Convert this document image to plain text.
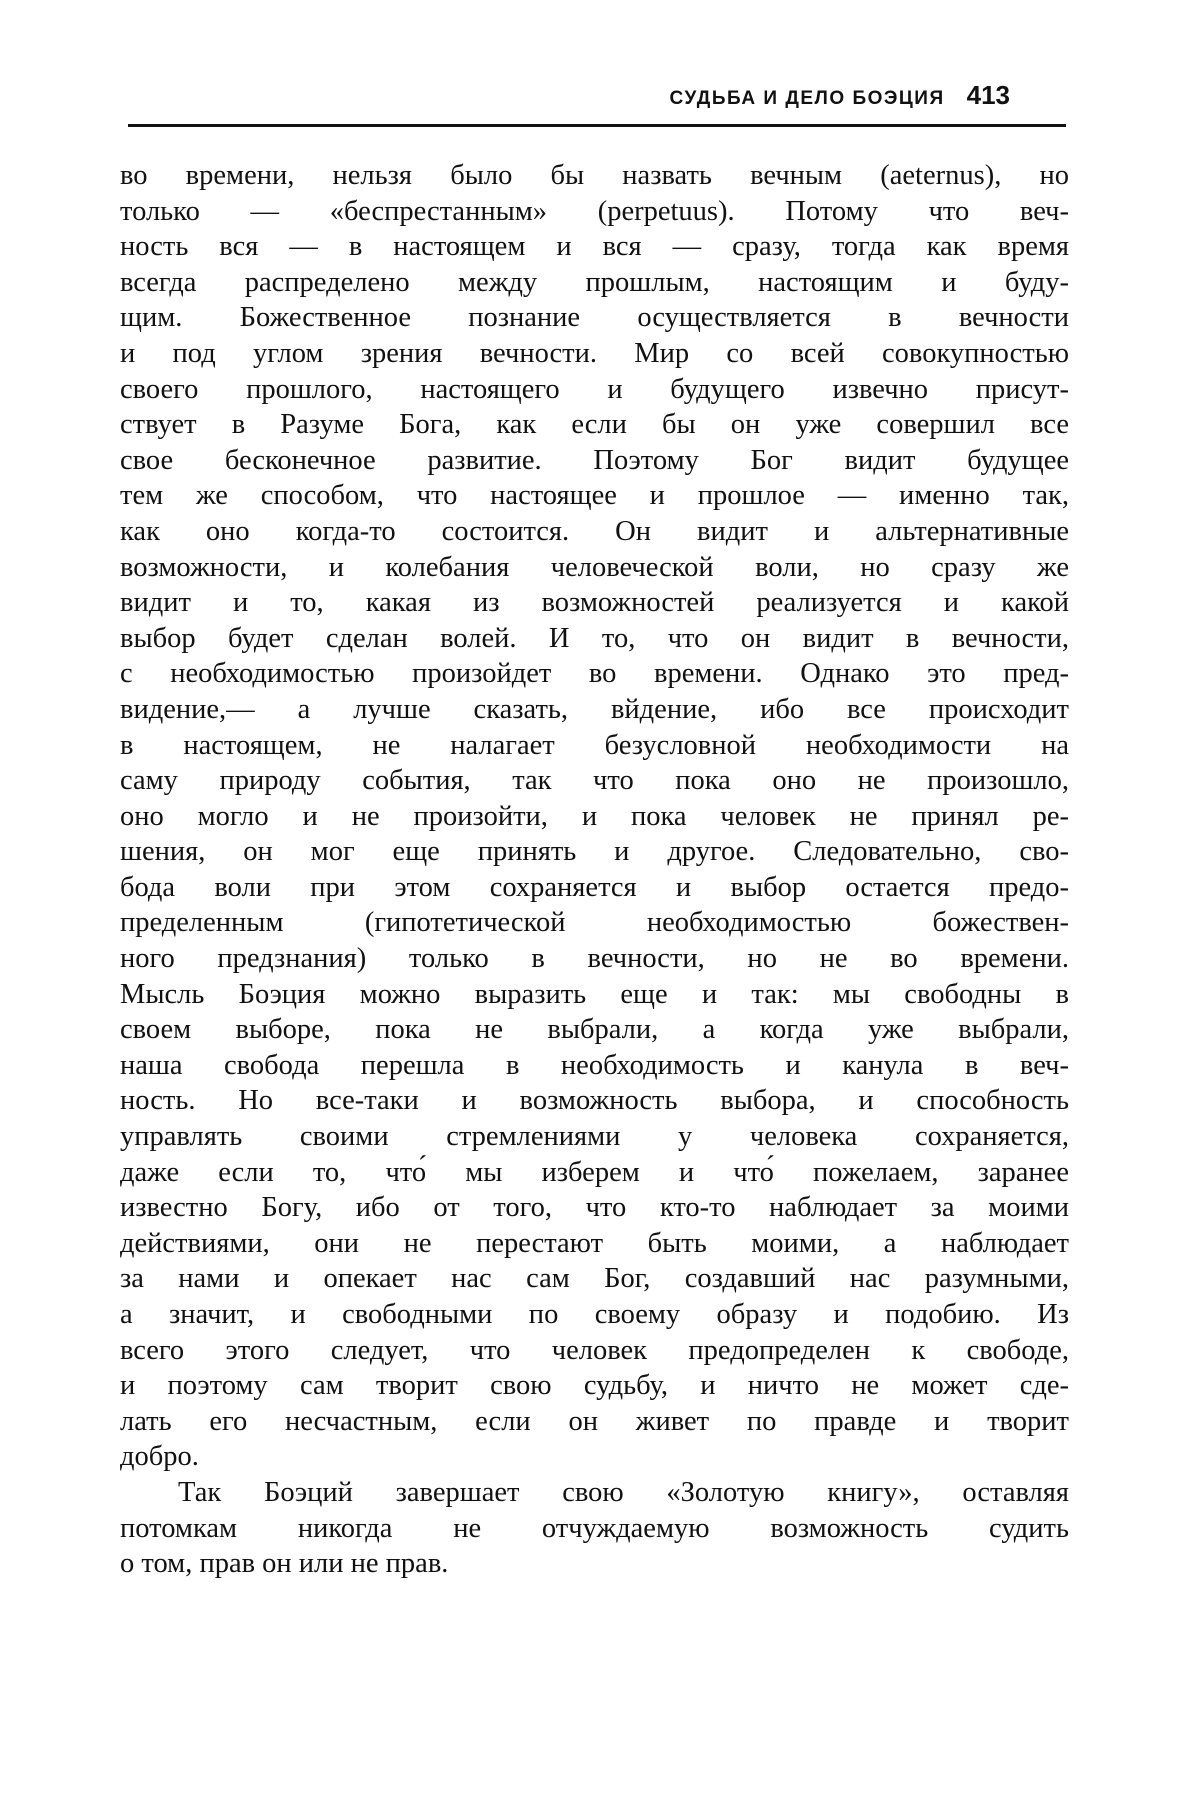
СУДЬБА И ДЕЛО БОЭЦИЯ 413
во времени, нельзя было бы назвать вечным (aeternus), но
только — «беспрестанным» (perpetuus). Потому что веч-
ность вся — в настоящем и вся — сразу, тогда как время
всегда распределено между прошлым, настоящим и буду-
щим. Божественное познание осуществляется в вечности
и под углом зрения вечности. Мир со всей совокупностью
своего прошлого, настоящего и будущего извечно присут-
ствует в Разуме Бога, как если бы он уже совершил все
свое бесконечное развитие. Поэтому Бог видит будущее
тем же способом, что настоящее и прошлое — именно так,
как оно когда-то состоится. Он видит и альтернативные
возможности, и колебания человеческой воли, но сразу же
видит и то, какая из возможностей реализуется и какой
выбор будет сделан волей. И то, что он видит в вечности,
с необходимостью произойдет во времени. Однако это пред-
видение,— а лучше сказать, вйдение, ибо все происходит
в настоящем, не налагает безусловной необходимости на
саму природу события, так что пока оно не произошло,
оно могло и не произойти, и пока человек не принял ре-
шения, он мог еще принять и другое. Следовательно, сво-
бода воли при этом сохраняется и выбор остается предо-
пределенным (гипотетической необходимостью божествен-
ного предзнания) только в вечности, но не во времени.
Мысль Боэция можно выразить еще и так: мы свободны в
своем выборе, пока не выбрали, а когда уже выбрали,
наша свобода перешла в необходимость и канула в веч-
ность. Но все-таки и возможность выбора, и способность
управлять своими стремлениями у человека сохраняется,
даже если то, что́ мы изберем и что́ пожелаем, заранее
известно Богу, ибо от того, что кто-то наблюдает за моими
действиями, они не перестают быть моими, а наблюдает
за нами и опекает нас сам Бог, создавший нас разумными,
а значит, и свободными по своему образу и подобию. Из
всего этого следует, что человек предопределен к свободе,
и поэтому сам творит свою судьбу, и ничто не может сде-
лать его несчастным, если он живет по правде и творит
добро.
Так Боэций завершает свою «Золотую книгу», оставляя
потомкам никогда не отчуждаемую возможность судить
о том, прав он или не прав.
